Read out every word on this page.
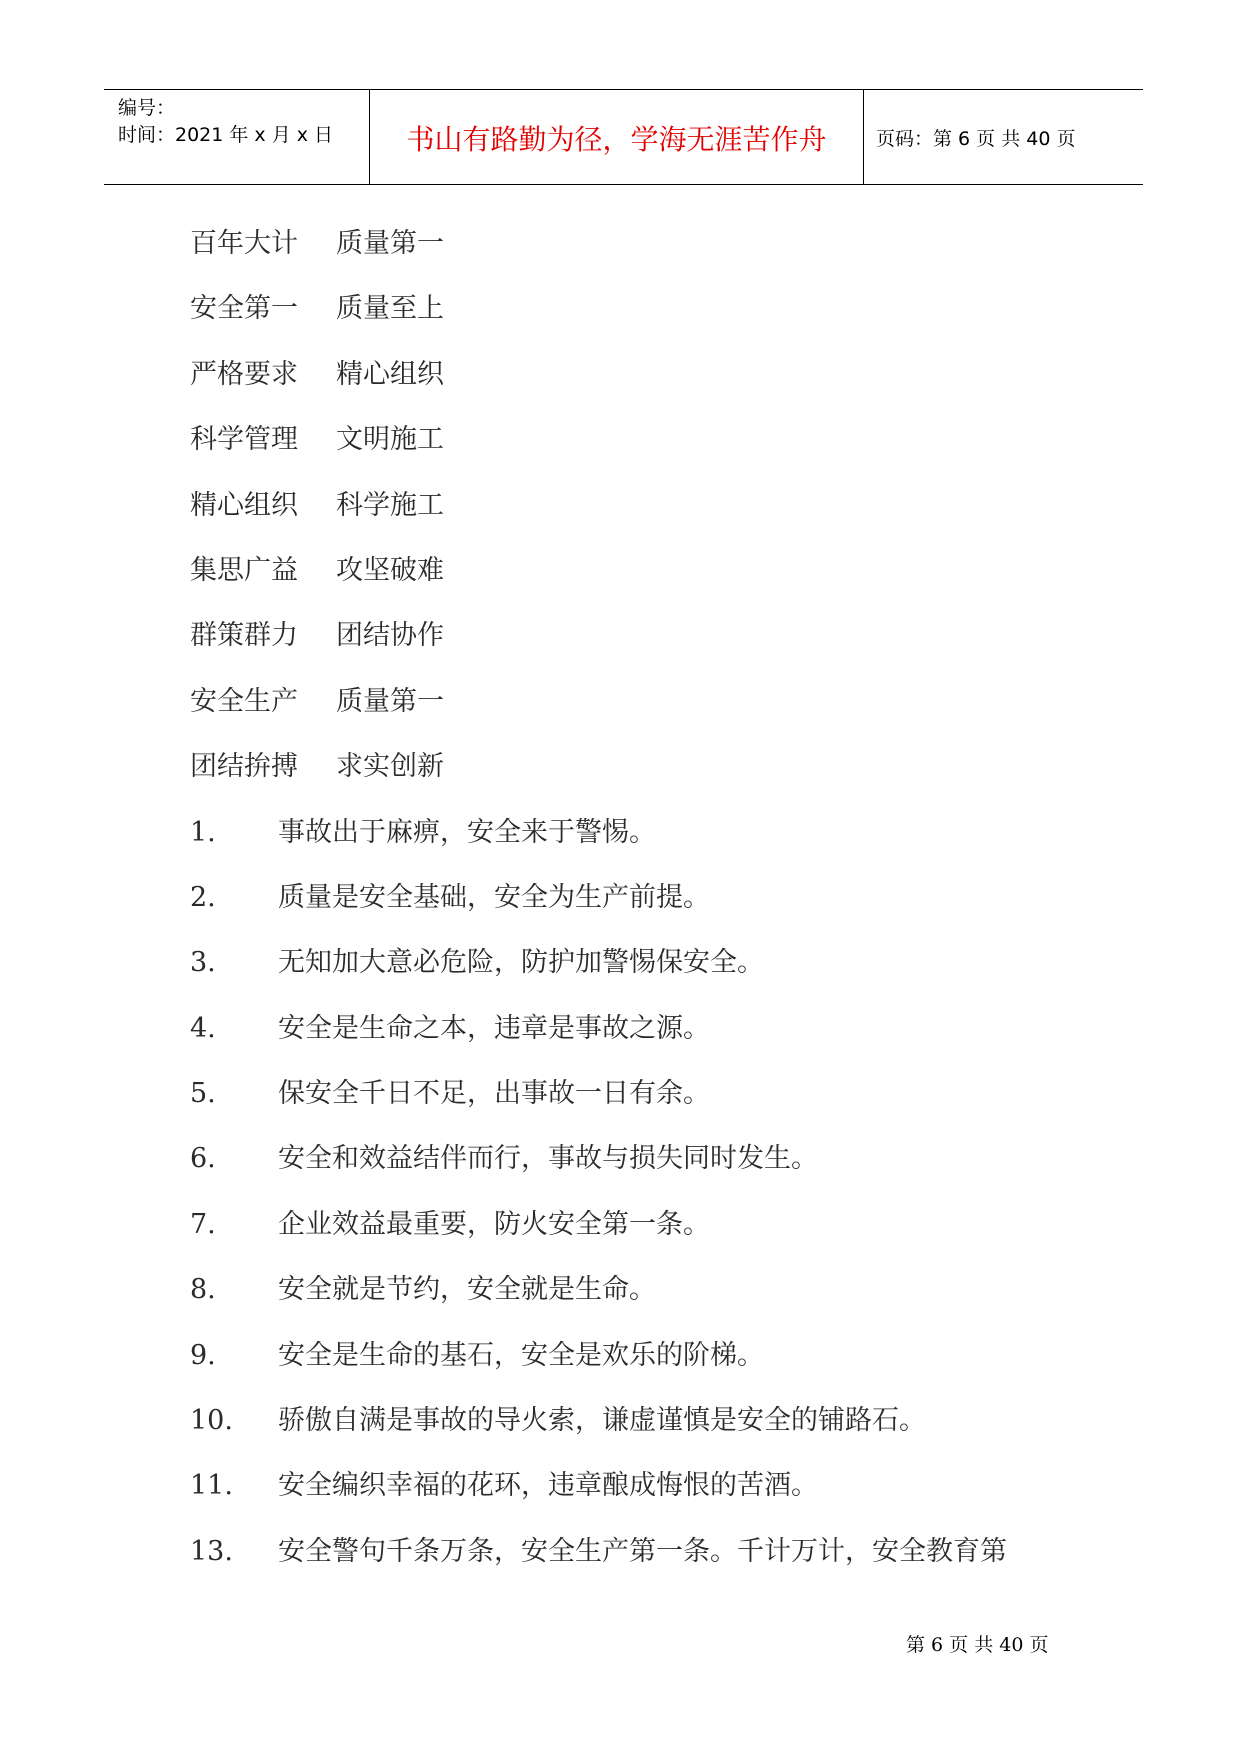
编号：
时间：2021 年 x 月 x 日	书山有路勤为径，学海无涯苦作舟	页码：第 6 页 共 40 页
百年大计 质量第一
安全第一 质量至上
严格要求 精心组织
科学管理 文明施工
精心组织 科学施工
集思广益 攻坚破难
群策群力 团结协作
安全生产 质量第一
团结拚搏 求实创新
1. 事故出于麻痹，安全来于警惕。
2. 质量是安全基础，安全为生产前提。
3. 无知加大意必危险，防护加警惕保安全。
4. 安全是生命之本，违章是事故之源。
5. 保安全千日不足，出事故一日有余。
6. 安全和效益结伴而行，事故与损失同时发生。
7. 企业效益最重要，防火安全第一条。
8. 安全就是节约，安全就是生命。
9. 安全是生命的基石，安全是欢乐的阶梯。
10. 骄傲自满是事故的导火索，谦虚谨慎是安全的铺路石。
11. 安全编织幸福的花环，违章酿成悔恨的苦酒。
13. 安全警句千条万条，安全生产第一条。千计万计，安全教育第
第 6 页 共 40 页
